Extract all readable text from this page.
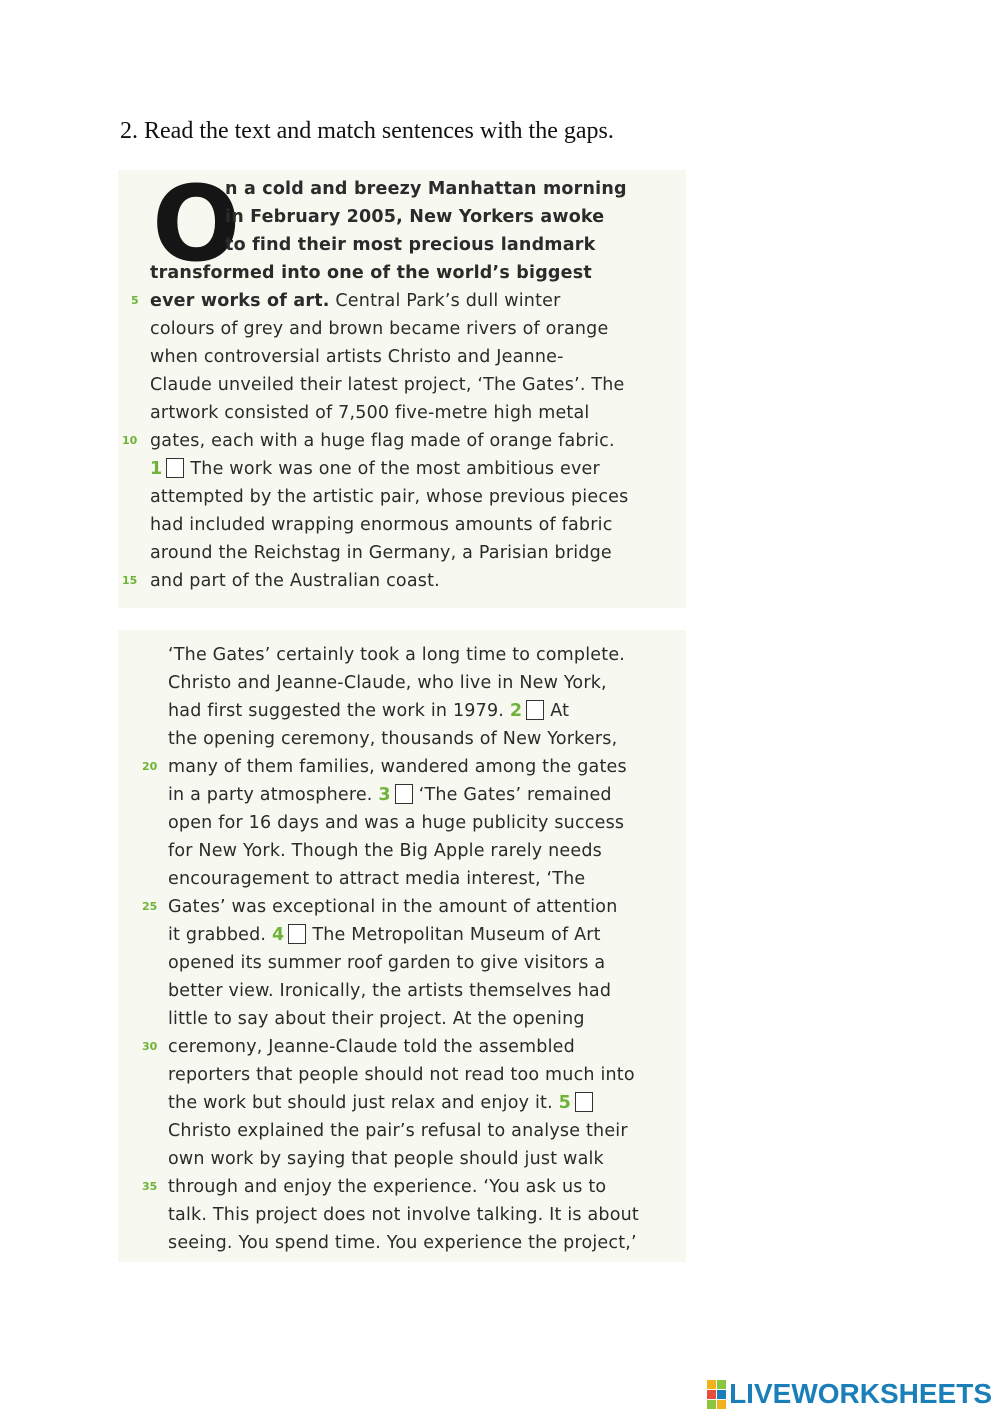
2. Read the text and match sentences with the gaps.
O
n a cold and breezy Manhattan morning
in February 2005, New Yorkers awoke
to find their most precious landmark
transformed into one of the world’s biggest
5 ever works of art. Central Park’s dull winter
colours of grey and brown became rivers of orange
when controversial artists Christo and Jeanne-
Claude unveiled their latest project, ‘The Gates’. The
artwork consisted of 7,500 five-metre high metal
10 gates, each with a huge flag made of orange fabric.
1 The work was one of the most ambitious ever
attempted by the artistic pair, whose previous pieces
had included wrapping enormous amounts of fabric
around the Reichstag in Germany, a Parisian bridge
15 and part of the Australian coast.
‘The Gates’ certainly took a long time to complete.
Christo and Jeanne-Claude, who live in New York,
had first suggested the work in 1979. 2 At
the opening ceremony, thousands of New Yorkers,
20 many of them families, wandered among the gates
in a party atmosphere. 3 ‘The Gates’ remained
open for 16 days and was a huge publicity success
for New York. Though the Big Apple rarely needs
encouragement to attract media interest, ‘The
25 Gates’ was exceptional in the amount of attention
it grabbed. 4 The Metropolitan Museum of Art
opened its summer roof garden to give visitors a
better view. Ironically, the artists themselves had
little to say about their project. At the opening
30 ceremony, Jeanne-Claude told the assembled
reporters that people should not read too much into
the work but should just relax and enjoy it. 5
Christo explained the pair’s refusal to analyse their
own work by saying that people should just walk
35 through and enjoy the experience. ‘You ask us to
talk. This project does not involve talking. It is about
seeing. You spend time. You experience the project,’
LIVEWORKSHEETS
